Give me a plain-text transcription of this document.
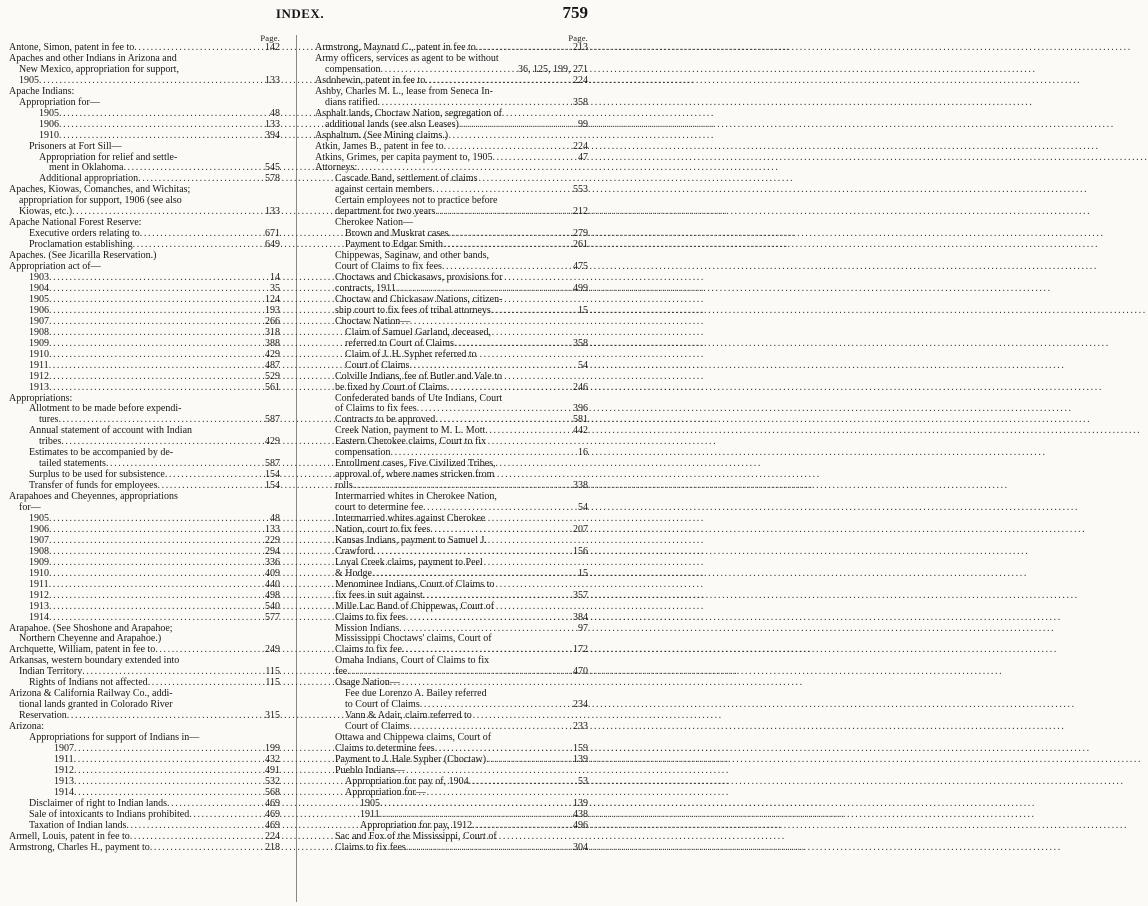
INDEX.	759
Page.
Antone, Simon, patent in fee to .....	142
Apaches and other Indians in Arizona and
New Mexico, appropriation for support,
1905 .....	133
Apache Indians:
Appropriation for—
1905 .....	48
1906 .....	133
1910 .....	394
Prisoners at Fort Sill—
Appropriation for relief and settle-
ment in Oklahoma .....	545
Additional appropriation .....	578
Apaches, Kiowas, Comanches, and Wichitas;
appropriation for support, 1906 (see also
Kiowas, etc.) .....	133
Apache National Forest Reserve:
Executive orders relating to .....	671
Proclamation establishing .....	649
Apaches. (See Jicarilla Reservation.)
Appropriation act of—
1903 .....	14
1904 .....	35
1905 .....	124
1906 .....	193
1907 .....	266
1908 .....	318
1909 .....	388
1910 .....	429
1911 .....	487
1912 .....	529
1913 .....	561
Appropriations:
Allotment to be made before expendi-
tures .....	587
Annual statement of account with Indian
tribes .....	429
Estimates to be accompanied by de-
tailed statements .....	587
Surplus to be used for subsistence .....	154
Transfer of funds for employees .....	154
Arapahoes and Cheyennes, appropriations
for—
1905 .....	48
1906 .....	133
1907 .....	229
1908 .....	294
1909 .....	336
1910 .....	409
1911 .....	440
1912 .....	498
1913 .....	540
1914 .....	577
Arapahoe. (See Shoshone and Arapahoe;
Northern Cheyenne and Arapahoe.)
Archquette, William, patent in fee to .....	249
Arkansas, western boundary extended into
Indian Territory .....	115
Rights of Indians not affected .....	115
Arizona & California Railway Co., addi-
tional lands granted in Colorado River
Reservation .....	315
Arizona:
Appropriations for support of Indians in—
1907 .....	199
1911 .....	432
1912 .....	491
1913 .....	532
1914 .....	568
Disclaimer of right to Indian lands .....	469
Sale of intoxicants to Indians prohibited .....	469
Taxation of Indian lands .....	469
Armell, Louis, patent in fee to .....	224
Armstrong, Charles H., payment to .....	218
Page.
Armstrong, Maynard C., patent in fee to .....	213
Army officers, services as agent to be without
compensation .....	36, 125, 199, 271
Asdohewin, patent in fee to .....	224
Ashby, Charles M. L., lease from Seneca In-
dians ratified .....	358
Asphalt lands, Choctaw Nation, segregation of
additional lands (see also Leases) .....	99
Asphaltum. (See Mining claims.)
Atkin, James B., patent in fee to .....	224
Atkins, Grimes, per capita payment to, 1905 .....	47
Attorneys:
Cascade Band, settlement of claims
against certain members .....	553
Certain employees not to practice before
department for two years .....	212
Cherokee Nation—
Brown and Muskrat cases .....	279
Payment to Edgar Smith .....	261
Chippewas, Saginaw, and other bands,
Court of Claims to fix fees .....	475
Choctaws and Chickasaws, provisions for
contracts, 1911 .....	499
Choctaw and Chickasaw Nations, citizen-
ship court to fix fees of tribal attorneys .....	15
Choctaw Nation—
Claim of Samuel Garland, deceased,
referred to Court of Claims .....	358
Claim of J. H. Sypher referred to
Court of Claims .....	54
Colville Indians, fee of Butler and Vale to
be fixed by Court of Claims .....	246
Confederated bands of Ute Indians, Court
of Claims to fix fees .....	396
Contracts to be approved .....	581
Creek Nation, payment to M. L. Mott .....	442
Eastern Cherokee claims, Court to fix
compensation .....	16
Enrollment cases, Five Civilized Tribes,
approval of, where names stricken from
rolls .....	338
Intermarried whites in Cherokee Nation,
court to determine fee .....	54
Intermarried whites against Cherokee
Nation, court to fix fees .....	207
Kansas Indians, payment to Samuel J.
Crawford .....	156
Loyal Creek claims, payment to Peel
& Hodge .....	15
Menominee Indians, Court of Claims to
fix fees in suit against .....	357
Mille Lac Band of Chippewas, Court of
Claims to fix fees .....	384
Mission Indians .....	97
Mississippi Choctaws' claims, Court of
Claims to fix fee .....	172
Omaha Indians, Court of Claims to fix
fee .....	470
Osage Nation—
Fee due Lorenzo A. Bailey referred
to Court of Claims .....	234
Vann & Adair, claim referred to
Court of Claims .....	233
Ottawa and Chippewa claims, Court of
Claims to determine fees .....	159
Payment to J. Hale Sypher (Choctaw) .....	139
Pueblo Indians—
Appropriation for pay of, 1904 .....	53
Appropriation for—
1905 .....	139
1911 .....	438
Appropriation for pay, 1912 .....	496
Sac and Fox of the Mississippi, Court of
Claims to fix fees .....	304
